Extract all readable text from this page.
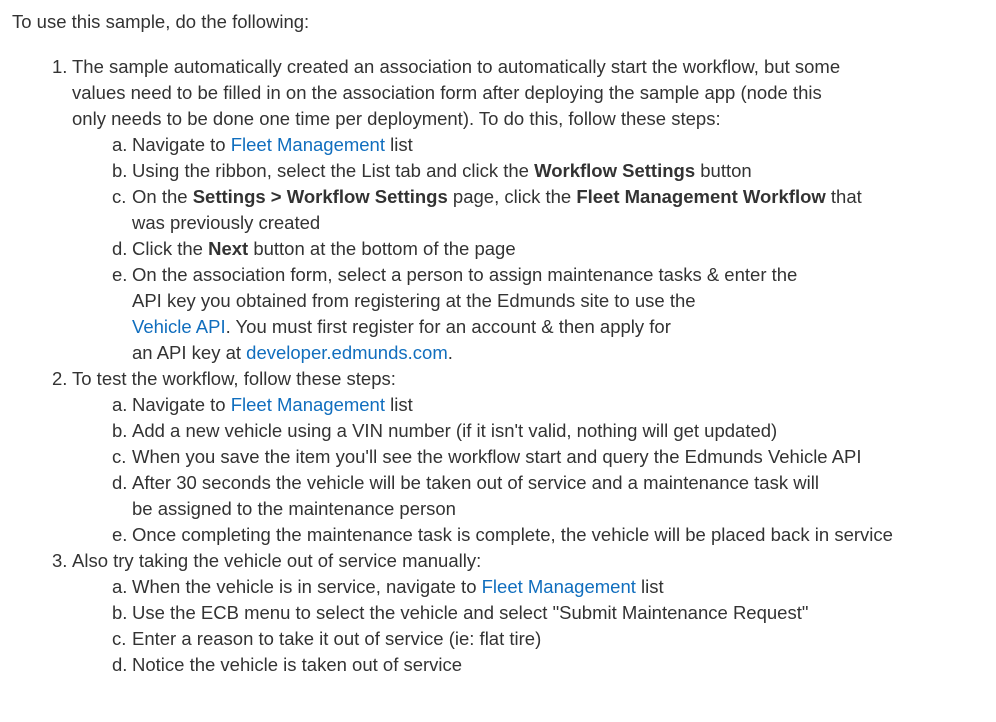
To use this sample, do the following:

1. The sample automatically created an association to automatically start the workflow, but some
values need to be filled in on the association form after deploying the sample app (node this
only needs to be done one time per deployment). To do this, follow these steps:
a. Navigate to Fleet Management list
b. Using the ribbon, select the List tab and click the Workflow Settings button
c. On the Settings > Workflow Settings page, click the Fleet Management Workflow that
was previously created
d. Click the Next button at the bottom of the page
e. On the association form, select a person to assign maintenance tasks & enter the
API key you obtained from registering at the Edmunds site to use the
Vehicle API. You must first register for an account & then apply for
an API key at developer.edmunds.com.
2. To test the workflow, follow these steps:
a. Navigate to Fleet Management list
b. Add a new vehicle using a VIN number (if it isn't valid, nothing will get updated)
c. When you save the item you'll see the workflow start and query the Edmunds Vehicle API
d. After 30 seconds the vehicle will be taken out of service and a maintenance task will
be assigned to the maintenance person
e. Once completing the maintenance task is complete, the vehicle will be placed back in service
3. Also try taking the vehicle out of service manually:
a. When the vehicle is in service, navigate to Fleet Management list
b. Use the ECB menu to select the vehicle and select "Submit Maintenance Request"
c. Enter a reason to take it out of service (ie: flat tire)
d. Notice the vehicle is taken out of service
